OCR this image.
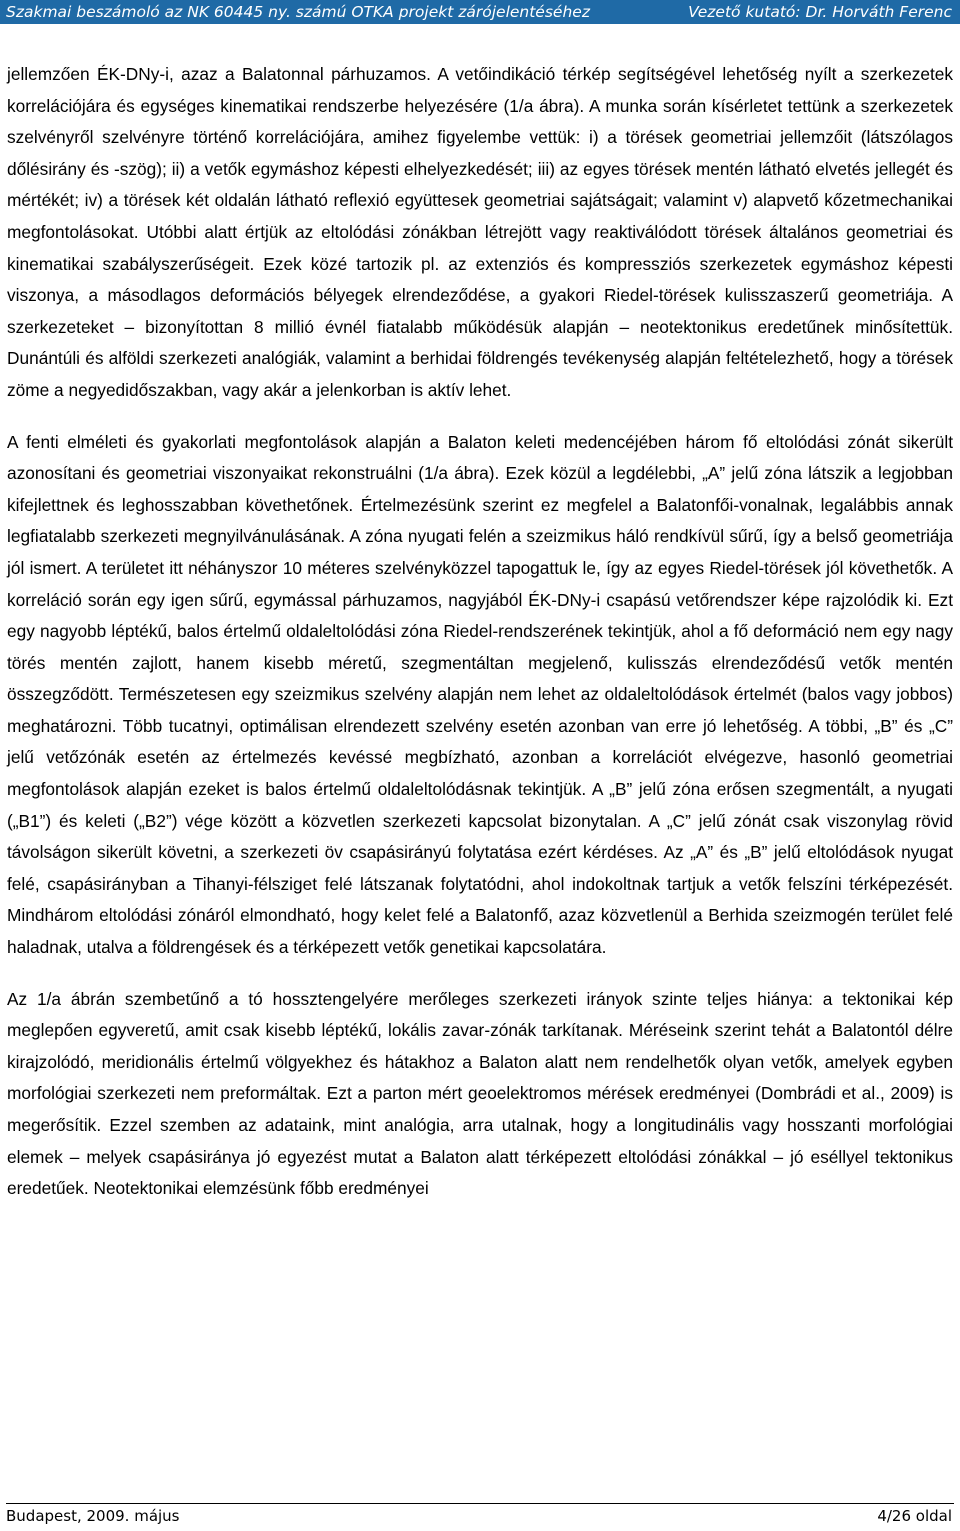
Szakmai beszámoló az NK 60445 ny. számú OTKA projekt zárójelentéséhez	Vezető kutató: Dr. Horváth Ferenc

jellemzően ÉK-DNy-i, azaz a Balatonnal párhuzamos. A vetőindikáció térkép segítségével lehetőség nyílt a szerkezetek korrelációjára és egységes kinematikai rendszerbe helyezésére (1/a ábra). A munka során kísérletet tettünk a szerkezetek szelvényről szelvényre történő korrelációjára, amihez figyelembe vettük: i) a törések geometriai jellemzőit (látszólagos dőlésirány és -szög); ii) a vetők egymáshoz képesti elhelyezkedését; iii) az egyes törések mentén látható elvetés jellegét és mértékét; iv) a törések két oldalán látható reflexió együttesek geometriai sajátságait; valamint v) alapvető kőzetmechanikai megfontolásokat. Utóbbi alatt értjük az eltolódási zónákban létrejött vagy reaktiválódott törések általános geometriai és kinematikai szabályszerűségeit. Ezek közé tartozik pl. az extenziós és kompressziós szerkezetek egymáshoz képesti viszonya, a másodlagos deformációs bélyegek elrendeződése, a gyakori Riedel-törések kulisszaszerű geometriája. A szerkezeteket – bizonyítottan 8 millió évnél fiatalabb működésük alapján – neotektonikus eredetűnek minősítettük. Dunántúli és alföldi szerkezeti analógiák, valamint a berhidai földrengés tevékenység alapján feltételezhető, hogy a törések zöme a negyedidőszakban, vagy akár a jelenkorban is aktív lehet.

A fenti elméleti és gyakorlati megfontolások alapján a Balaton keleti medencéjében három fő eltolódási zónát sikerült azonosítani és geometriai viszonyaikat rekonstruálni (1/a ábra). Ezek közül a legdélebbi, „A” jelű zóna látszik a legjobban kifejlettnek és leghosszabban követhetőnek. Értelmezésünk szerint ez megfelel a Balatonfői-vonalnak, legalábbis annak legfiatalabb szerkezeti megnyilvánulásának. A zóna nyugati felén a szeizmikus háló rendkívül sűrű, így a belső geometriája jól ismert. A területet itt néhányszor 10 méteres szelvényközzel tapogattuk le, így az egyes Riedel-törések jól követhetők. A korreláció során egy igen sűrű, egymással párhuzamos, nagyjából ÉK-DNy-i csapású vetőrendszer képe rajzolódik ki. Ezt egy nagyobb léptékű, balos értelmű oldaleltolódási zóna Riedel-rendszerének tekintjük, ahol a fő deformáció nem egy nagy törés mentén zajlott, hanem kisebb méretű, szegmentáltan megjelenő, kulisszás elrendeződésű vetők mentén összegződött. Természetesen egy szeizmikus szelvény alapján nem lehet az oldaleltolódások értelmét (balos vagy jobbos) meghatározni. Több tucatnyi, optimálisan elrendezett szelvény esetén azonban van erre jó lehetőség. A többi, „B” és „C” jelű vetőzónák esetén az értelmezés kevéssé megbízható, azonban a korrelációt elvégezve, hasonló geometriai megfontolások alapján ezeket is balos értelmű oldaleltolódásnak tekintjük. A „B” jelű zóna erősen szegmentált, a nyugati („B1”) és keleti („B2”) vége között a közvetlen szerkezeti kapcsolat bizonytalan. A „C” jelű zónát csak viszonylag rövid távolságon sikerült követni, a szerkezeti öv csapásirányú folytatása ezért kérdéses. Az „A” és „B” jelű eltolódások nyugat felé, csapásirányban a Tihanyi-félsziget felé látszanak folytatódni, ahol indokoltnak tartjuk a vetők felszíni térképezését. Mindhárom eltolódási zónáról elmondható, hogy kelet felé a Balatonfő, azaz közvetlenül a Berhida szeizmogén terület felé haladnak, utalva a földrengések és a térképezett vetők genetikai kapcsolatára.

Az 1/a ábrán szembetűnő a tó hossztengelyére merőleges szerkezeti irányok szinte teljes hiánya: a tektonikai kép meglepően egyveretű, amit csak kisebb léptékű, lokális zavar-zónák tarkítanak. Méréseink szerint tehát a Balatontól délre kirajzolódó, meridionális értelmű völgyekhez és hátakhoz a Balaton alatt nem rendelhetők olyan vetők, amelyek egyben morfológiai szerkezeti nem preformáltak. Ezt a parton mért geoelektromos mérések eredményei (Dombrádi et al., 2009) is megerősítik. Ezzel szemben az adataink, mint analógia, arra utalnak, hogy a longitudinális vagy hosszanti morfológiai elemek – melyek csapásiránya jó egyezést mutat a Balaton alatt térképezett eltolódási zónákkal – jó eséllyel tektonikus eredetűek. Neotektonikai elemzésünk főbb eredményei

Budapest, 2009. május	4/26 oldal
